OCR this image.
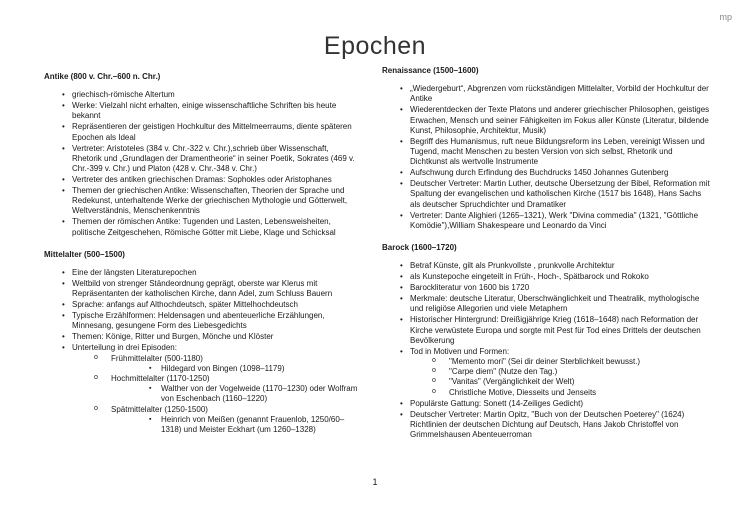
mp
Epochen
Antike (800 v. Chr.–600 n. Chr.)
• griechisch-römische Altertum
• Werke: Vielzahl nicht erhalten, einige wissenschaftliche Schriften bis heute bekannt
• Repräsentieren der geistigen Hochkultur des Mittelmeerraums, diente späteren Epochen als Ideal
• Vertreter: Aristoteles (384 v. Chr.-322 v. Chr.),schrieb über Wissenschaft, Rhetorik und „Grundlagen der Dramentheorie“ in seiner Poetik, Sokrates (469 v. Chr.-399 v. Chr.) und Platon (428 v. Chr.-348 v. Chr.)
• Vertreter des antiken griechischen Dramas: Sophokles oder Aristophanes
• Themen der griechischen Antike: Wissenschaften, Theorien der Sprache und Redekunst, unterhaltende Werke der griechischen Mythologie und Götterwelt, Weltverständnis, Menschenkenntnis
• Themen der römischen Antike: Tugenden und Lasten, Lebensweisheiten, politische Zeitgeschehen, Römische Götter mit Liebe, Klage und Schicksal
Mittelalter (500–1500)
• Eine der längsten Literaturepochen
• Weltbild von strenger Ständeordnung geprägt, oberste war Klerus mit Repräsentanten der katholischen Kirche, dann Adel, zum Schluss Bauern
• Sprache: anfangs auf Althochdeutsch, später Mittelhochdeutsch
• Typische Erzählformen: Heldensagen und abenteuerliche Erzählungen, Minnesang, gesungene Form des Liebesgedichts
• Themen: Könige, Ritter und Burgen, Mönche und Klöster
• Unterteilung in drei Episoden:
o Frühmittelalter (500-1180)
▪ Hildegard von Bingen (1098–1179)
o Hochmittelalter (1170-1250)
▪ Walther von der Vogelweide (1170–1230) oder Wolfram von Eschenbach (1160–1220)
o Spätmittelalter (1250-1500)
▪ Heinrich von Meißen (genannt Frauenlob, 1250/60–1318) und Meister Eckhart (um 1260–1328)
Renaissance (1500–1600)
• „Wiedergeburt“, Abgrenzen vom rückständigen Mittelalter, Vorbild der Hochkultur der Antike
• Wiederentdecken der Texte Platons und anderer griechischer Philosophen, geistiges Erwachen, Mensch und seiner Fähigkeiten im Fokus aller Künste (Literatur, bildende Kunst, Philosophie, Architektur, Musik)
• Begriff des Humanismus, ruft neue Bildungsreform ins Leben, vereinigt Wissen und Tugend, macht Menschen zu besten Version von sich selbst, Rhetorik und Dichtkunst als wertvolle Instrumente
• Aufschwung durch Erfindung des Buchdrucks 1450 Johannes Gutenberg
• Deutscher Vertreter: Martin Luther, deutsche Übersetzung der Bibel, Reformation mit Spaltung der evangelischen und katholischen Kirche (1517 bis 1648), Hans Sachs als deutscher Spruchdichter und Dramatiker
• Vertreter: Dante Alighieri (1265–1321), Werk "Divina commedia" (1321, "Göttliche Komödie"),William Shakespeare und Leonardo da Vinci
Barock (1600–1720)
• Betraf Künste, gilt als Prunkvollste , prunkvolle Architektur
• als Kunstepoche eingeteilt in Früh-, Hoch-, Spätbarock und Rokoko
• Barockliteratur von 1600 bis 1720
• Merkmale: deutsche Literatur, Überschwänglichkeit und Theatralik, mythologische und religiöse Allegorien und viele Metaphern
• Historischer Hintergrund: Dreißigjährige Krieg (1618–1648) nach Reformation der Kirche verwüstete Europa und sorgte mit Pest für Tod eines Drittels der deutschen Bevölkerung
• Tod in Motiven und Formen:
o "Memento mori" (Sei dir deiner Sterblichkeit bewusst.)
o "Carpe diem" (Nutze den Tag.)
o "Vanitas" (Vergänglichkeit der Welt)
o Christliche Motive, Diesseits und Jenseits
• Populärste Gattung: Sonett (14-Zeiliges Gedicht)
• Deutscher Vertreter: Martin Opitz, "Buch von der Deutschen Poeterey" (1624) Richtlinien der deutschen Dichtung auf Deutsch, Hans Jakob Christoffel von Grimmelshausen Abenteuerroman
1
